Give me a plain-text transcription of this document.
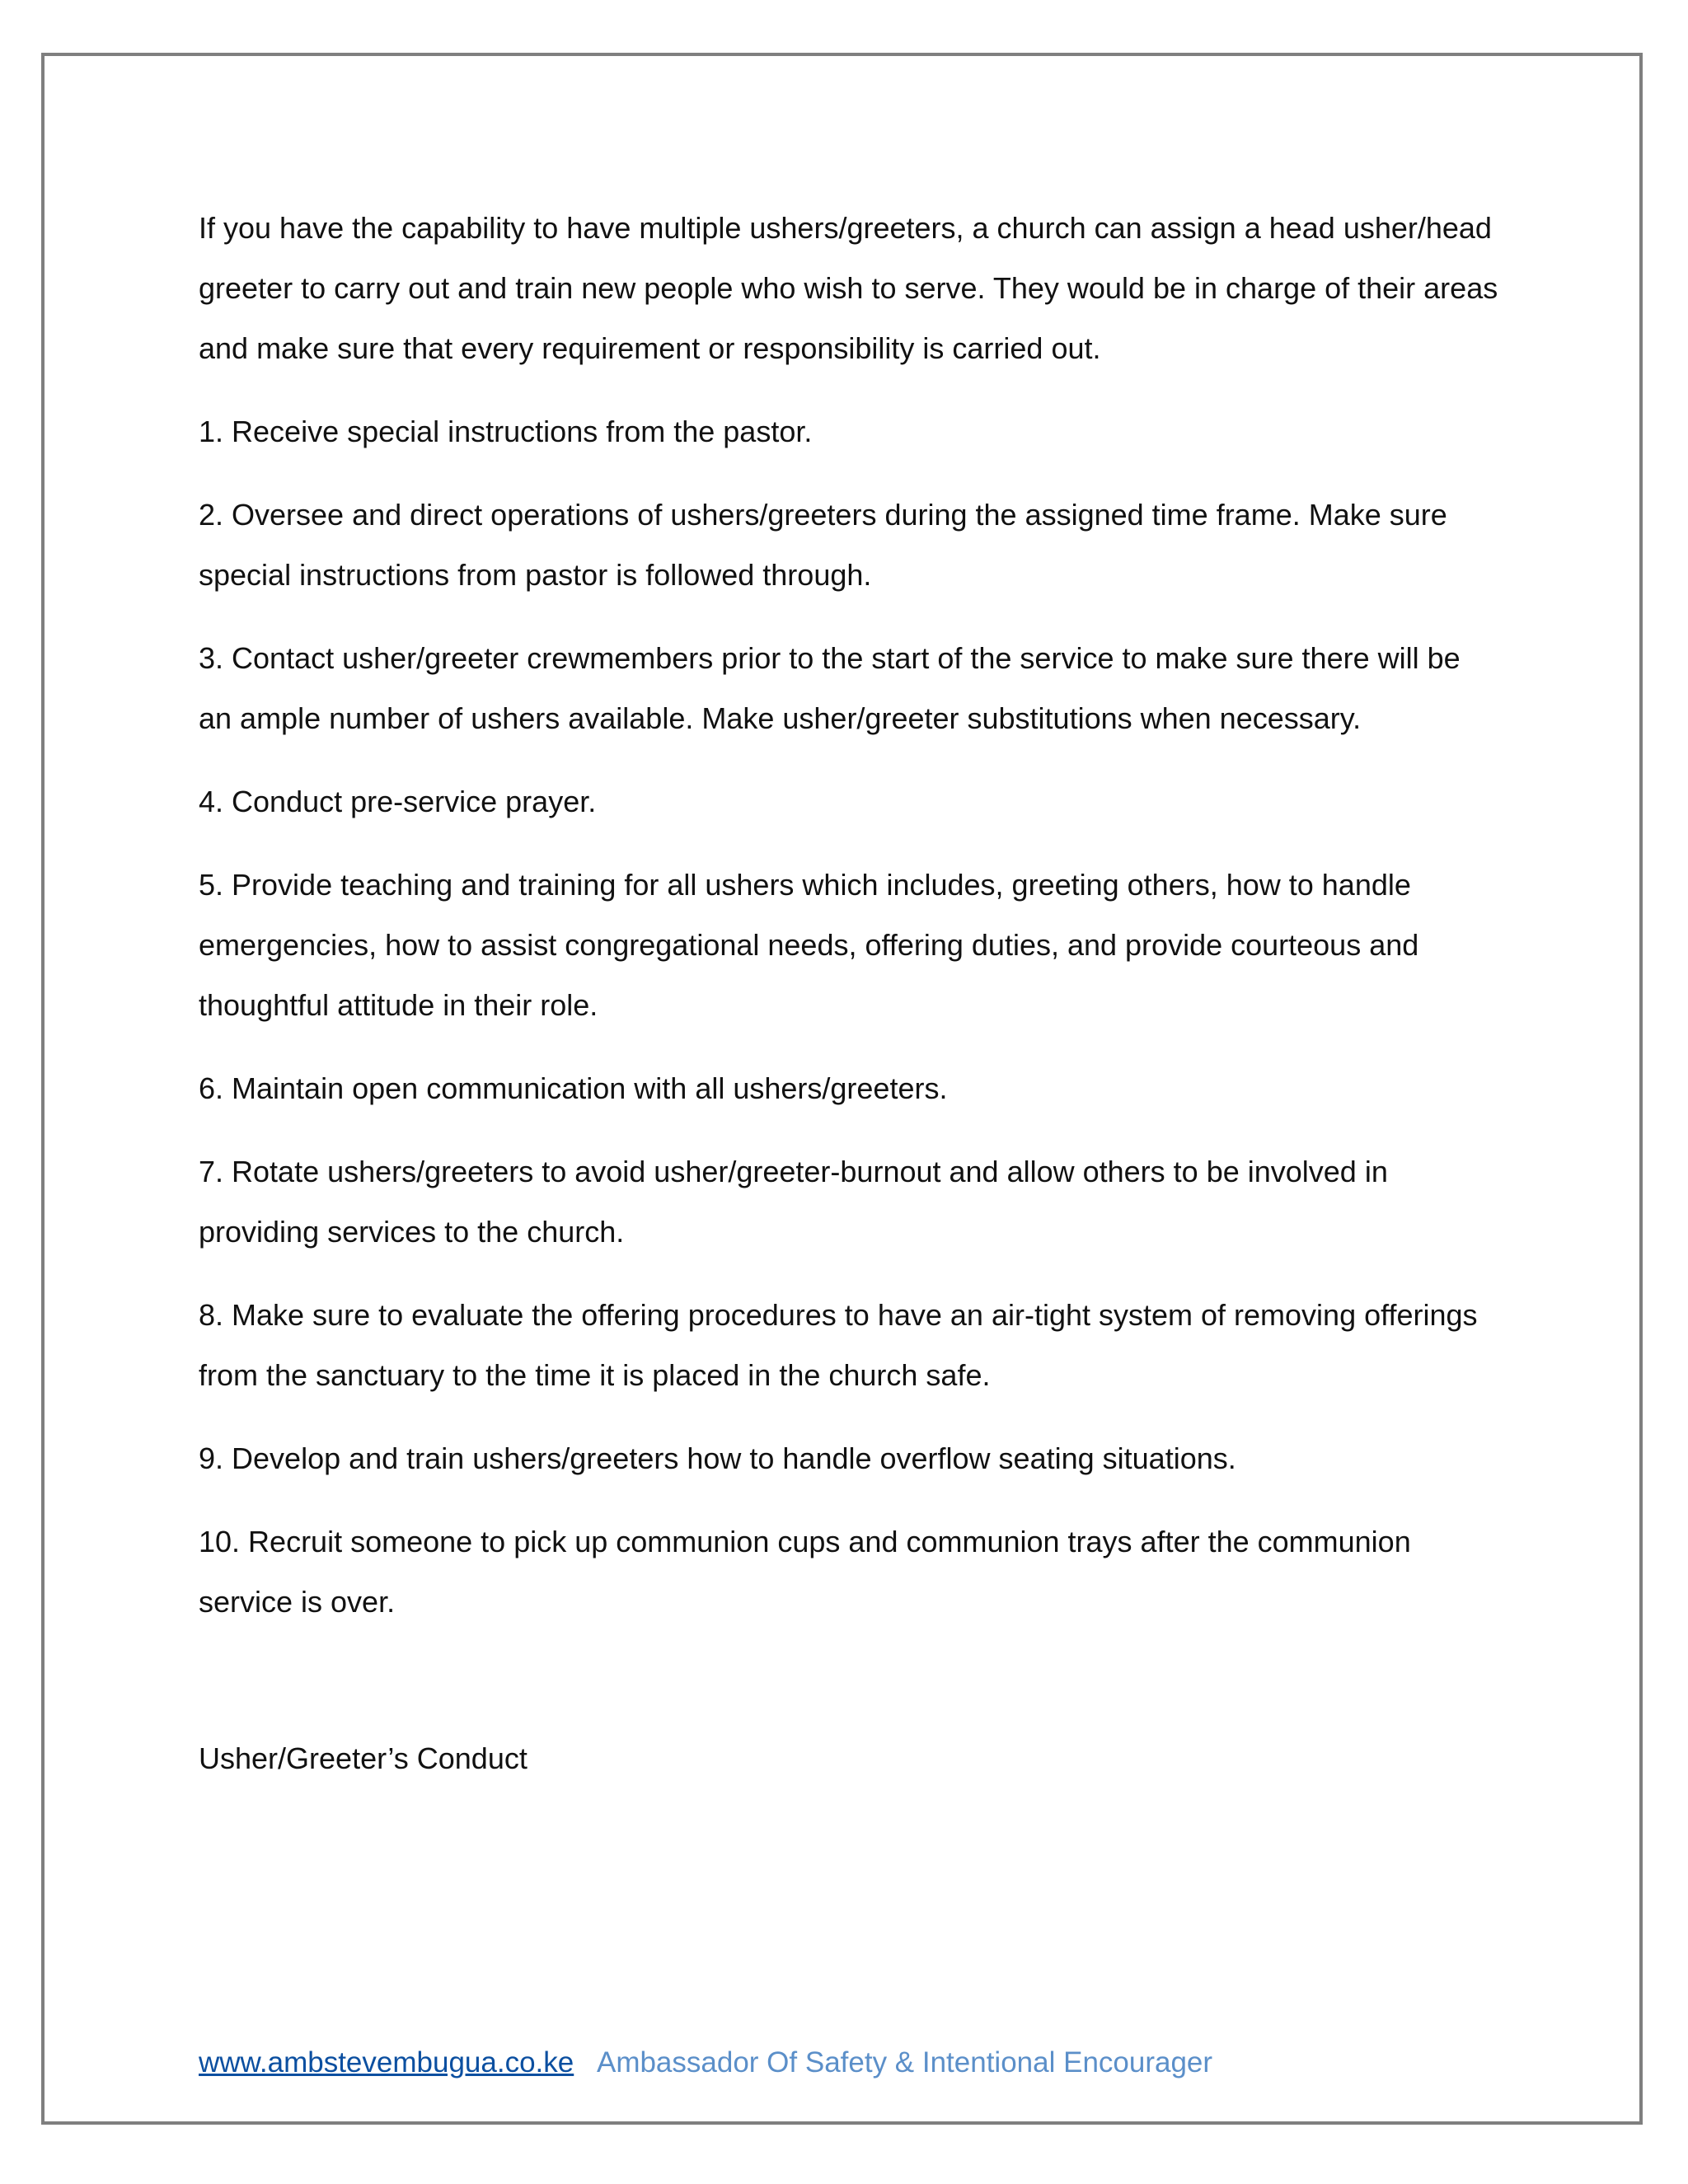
If you have the capability to have multiple ushers/greeters, a church can assign a head usher/head greeter to carry out and train new people who wish to serve. They would be in charge of their areas and make sure that every requirement or responsibility is carried out.

1. Receive special instructions from the pastor.

2. Oversee and direct operations of ushers/greeters during the assigned time frame. Make sure special instructions from pastor is followed through.

3. Contact usher/greeter crewmembers prior to the start of the service to make sure there will be an ample number of ushers available. Make usher/greeter substitutions when necessary.

4. Conduct pre-service prayer.

5. Provide teaching and training for all ushers which includes, greeting others, how to handle emergencies, how to assist congregational needs, offering duties, and provide courteous and thoughtful attitude in their role.

6. Maintain open communication with all ushers/greeters.

7. Rotate ushers/greeters to avoid usher/greeter-burnout and allow others to be involved in providing services to the church.

8. Make sure to evaluate the offering procedures to have an air-tight system of removing offerings from the sanctuary to the time it is placed in the church safe.

9. Develop and train ushers/greeters how to handle overflow seating situations.

10. Recruit someone to pick up communion cups and communion trays after the communion service is over.

Usher/Greeter’s Conduct

www.ambstevembugua.co.ke Ambassador Of Safety & Intentional Encourager
